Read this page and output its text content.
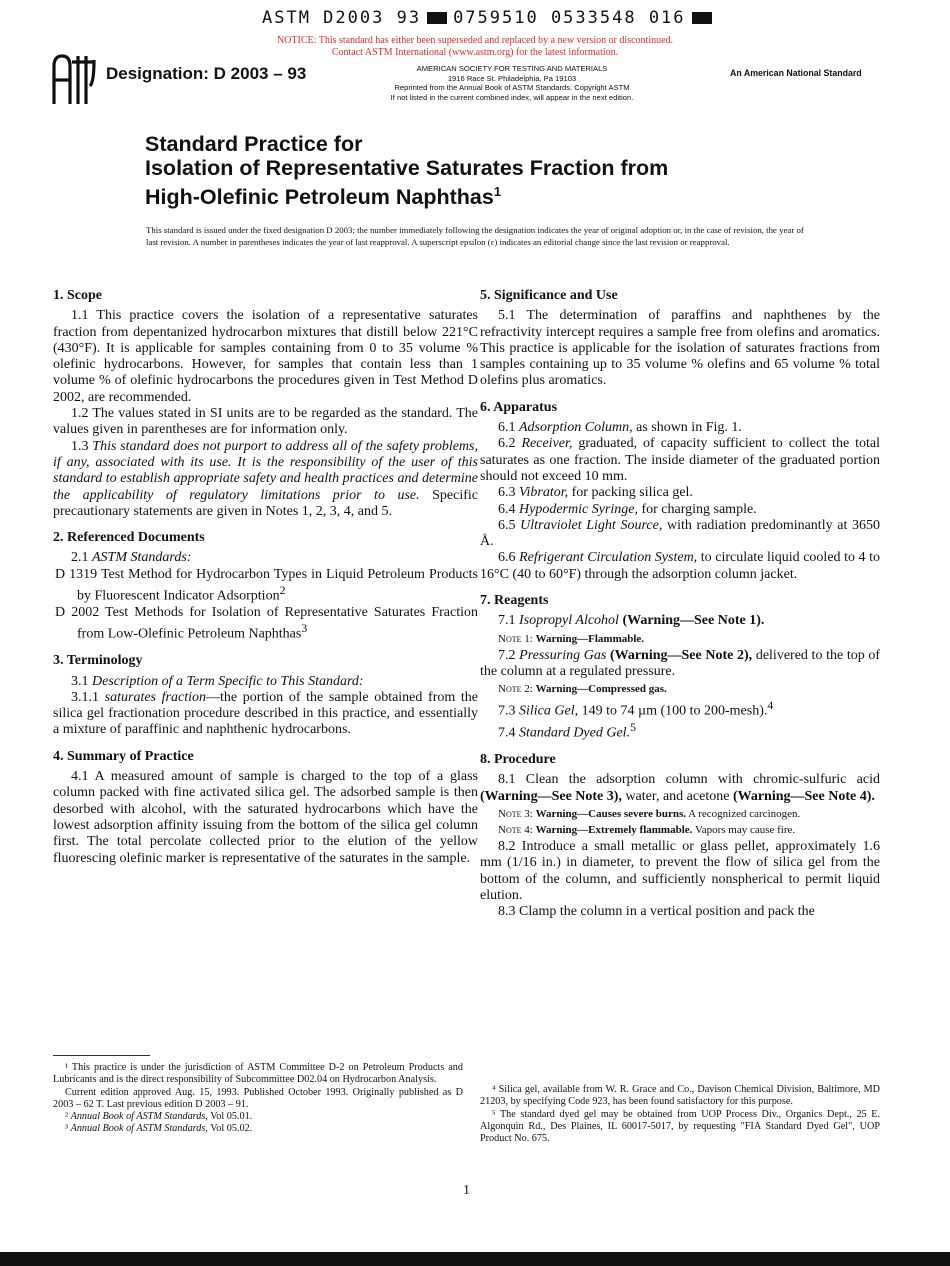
ASTM D2003 93 0759510 0533548 016
NOTICE: This standard has either been superseded and replaced by a new version or discontinued.
Contact ASTM International (www.astm.org) for the latest information.
Designation: D 2003 – 93	AMERICAN SOCIETY FOR TESTING AND MATERIALS
1916 Race St. Philadelphia, Pa 19103
Reprinted from the Annual Book of ASTM Standards. Copyright ASTM
If not listed in the current combined index, will appear in the next edition.
An American National Standard
Standard Practice for
Isolation of Representative Saturates Fraction from
High-Olefinic Petroleum Naphthas$^1$
This standard is issued under the fixed designation D 2003; the number immediately following the designation indicates the year of original adoption or, in the case of revision, the year of last revision. A number in parentheses indicates the year of last reapproval. A superscript epsilon (ε) indicates an editorial change since the last revision or reapproval.
1. Scope

1.1 This practice covers the isolation of a representative saturates fraction from depentanized hydrocarbon mixtures that distill below 221°C (430°F). It is applicable for samples containing from 0 to 35 volume % olefinic hydrocarbons. However, for samples that contain less than 1 volume % of olefinic hydrocarbons the procedures given in Test Method D 2002, are recommended.

1.2 The values stated in SI units are to be regarded as the standard. The values given in parentheses are for information only.

1.3 This standard does not purport to address all of the safety problems, if any, associated with its use. It is the responsibility of the user of this standard to establish appropriate safety and health practices and determine the applicability of regulatory limitations prior to use. Specific precautionary statements are given in Notes 1, 2, 3, 4, and 5.

2. Referenced Documents

2.1 ASTM Standards:

D 1319 Test Method for Hydrocarbon Types in Liquid Petroleum Products by Fluorescent Indicator Adsorption$^2$

D 2002 Test Methods for Isolation of Representative Saturates Fraction from Low-Olefinic Petroleum Naphthas$^3$

3. Terminology

3.1 Description of a Term Specific to This Standard:

3.1.1 saturates fraction—the portion of the sample obtained from the silica gel fractionation procedure described in this practice, and essentially a mixture of paraffinic and naphthenic hydrocarbons.

4. Summary of Practice

4.1 A measured amount of sample is charged to the top of a glass column packed with fine activated silica gel. The adsorbed sample is then desorbed with alcohol, with the saturated hydrocarbons which have the lowest adsorption affinity issuing from the bottom of the silica gel column first. The total percolate collected prior to the elution of the yellow fluorescing olefinic marker is representative of the saturates in the sample.

5. Significance and Use

5.1 The determination of paraffins and naphthenes by the refractivity intercept requires a sample free from olefins and aromatics. This practice is applicable for the isolation of saturates fractions from samples containing up to 35 volume % olefins and 65 volume % total olefins plus aromatics.

6. Apparatus

6.1 Adsorption Column, as shown in Fig. 1.

6.2 Receiver, graduated, of capacity sufficient to collect the total saturates as one fraction. The inside diameter of the graduated portion should not exceed 10 mm.

6.3 Vibrator, for packing silica gel.

6.4 Hypodermic Syringe, for charging sample.

6.5 Ultraviolet Light Source, with radiation predominantly at 3650 Å.

6.6 Refrigerant Circulation System, to circulate liquid cooled to 4 to 16°C (40 to 60°F) through the adsorption column jacket.

7. Reagents

7.1 Isopropyl Alcohol (Warning—See Note 1).

Note 1: Warning—Flammable.

7.2 Pressuring Gas (Warning—See Note 2), delivered to the top of the column at a regulated pressure.

Note 2: Warning—Compressed gas.

7.3 Silica Gel, 149 to 74 µm (100 to 200-mesh).$^4$

7.4 Standard Dyed Gel.$^5$

8. Procedure

8.1 Clean the adsorption column with chromic-sulfuric acid (Warning—See Note 3), water, and acetone (Warning—See Note 4).

Note 3: Warning—Causes severe burns. A recognized carcinogen.

Note 4: Warning—Extremely flammable. Vapors may cause fire.

8.2 Introduce a small metallic or glass pellet, approximately 1.6 mm (1/16 in.) in diameter, to prevent the flow of silica gel from the bottom of the column, and sufficiently nonspherical to permit liquid elution.

8.3 Clamp the column in a vertical position and pack the

¹ This practice is under the jurisdiction of ASTM Committee D-2 on Petroleum Products and Lubricants and is the direct responsibility of Subcommittee D02.04 on Hydrocarbon Analysis.

Current edition approved Aug. 15, 1993. Published October 1993. Originally published as D 2003 – 62 T. Last previous edition D 2003 – 91.

² Annual Book of ASTM Standards, Vol 05.01.

³ Annual Book of ASTM Standards, Vol 05.02.

⁴ Silica gel, available from W. R. Grace and Co., Davison Chemical Division, Baltimore, MD 21203, by specifying Code 923, has been found satisfactory for this purpose.

⁵ The standard dyed gel may be obtained from UOP Process Div., Organics Dept., 25 E. Algonquin Rd., Des Plaines, IL 60017-5017, by requesting "FIA Standard Dyed Gel", UOP Product No. 675.

1
